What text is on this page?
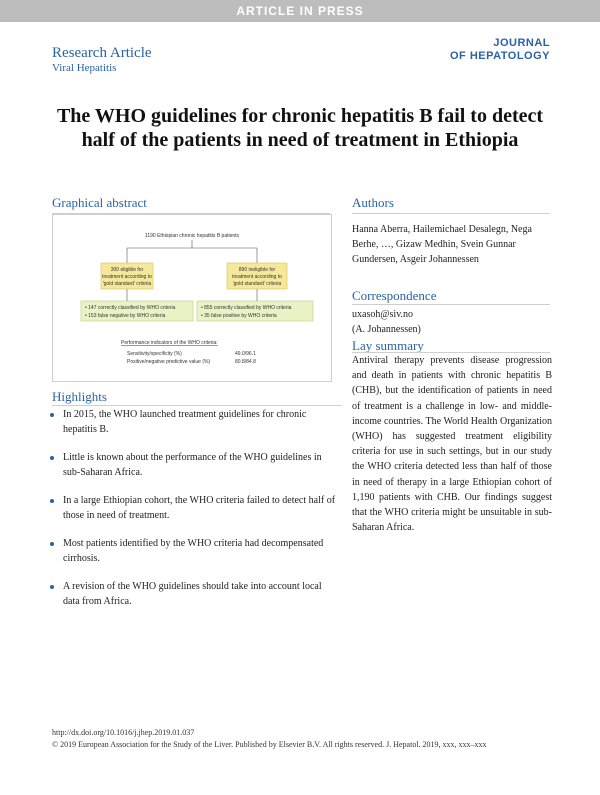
ARTICLE IN PRESS
Research Article
Viral Hepatitis
JOURNAL
OF HEPATOLOGY
The WHO guidelines for chronic hepatitis B fail to detect half of the patients in need of treatment in Ethiopia
Graphical abstract
1190 Ethiopian chronic hepatitis B patients
300 eligible for
treatment according to
'gold standard' criteria
890 ineligible for
treatment according to
'gold standard' criteria
• 147 correctly classified by WHO criteria
• 153 false negative by WHO criteria
• 855 correctly classified by WHO criteria
• 35 false positive by WHO criteria
Performance indicators of the WHO criteria:
Sensitivity/specificity (%)	49.0/96.1
Positive/negative predictive value (%)	80.8/84.8
Highlights
In 2015, the WHO launched treatment guidelines for chronic hepatitis B.
Little is known about the performance of the WHO guidelines in sub-Saharan Africa.
In a large Ethiopian cohort, the WHO criteria failed to detect half of those in need of treatment.
Most patients identified by the WHO criteria had decompensated cirrhosis.
A revision of the WHO guidelines should take into account local data from Africa.
Authors
Hanna Aberra, Hailemichael Desalegn, Nega Berhe, …, Gizaw Medhin, Svein Gunnar Gundersen, Asgeir Johannessen
Correspondence
uxasoh@siv.no
(A. Johannessen)
Lay summary
Antiviral therapy prevents disease progression and death in patients with chronic hepatitis B (CHB), but the identification of patients in need of treatment is a challenge in low- and middle-income countries. The World Health Organization (WHO) has suggested treatment eligibility criteria for use in such settings, but in our study the WHO criteria detected less than half of those in need of therapy in a large Ethiopian cohort of 1,190 patients with CHB. Our findings suggest that the WHO criteria might be unsuitable in sub-Saharan Africa.
http://dx.doi.org/10.1016/j.jhep.2019.01.037
© 2019 European Association for the Study of the Liver. Published by Elsevier B.V. All rights reserved. J. Hepatol. 2019, xxx, xxx–xxx
